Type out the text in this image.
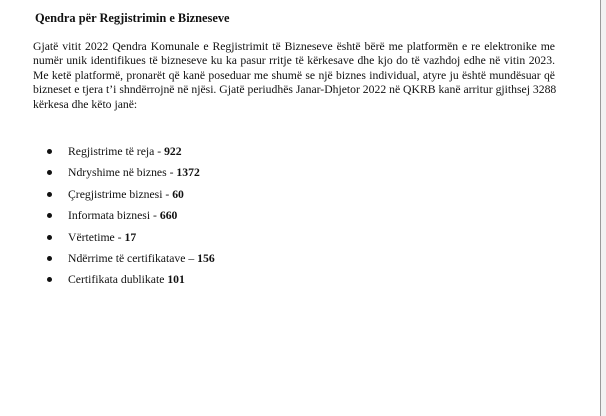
Qendra për Regjistrimin e Bizneseve
Gjatë vitit 2022 Qendra Komunale e Regjistrimit të Bizneseve është bërë me platformën e re elektronike me
numër unik identifikues të bizneseve ku ka pasur rritje të kërkesave dhe kjo do të vazhdoj edhe në vitin 2023.
Me ketë platformë, pronarët që kanë poseduar me shumë se një biznes individual, atyre ju është mundësuar që
bizneset e tjera t’i shndërrojnë në njësi. Gjatë periudhës Janar-Dhjetor 2022 në QKRB kanë arritur gjithsej 3288
kërkesa dhe këto janë:
Regjistrime të reja - 922
Ndryshime në biznes - 1372
Çregjistrime biznesi - 60
Informata biznesi - 660
Vërtetime - 17
Ndërrime të certifikatave – 156
Certifikata dublikate 101
